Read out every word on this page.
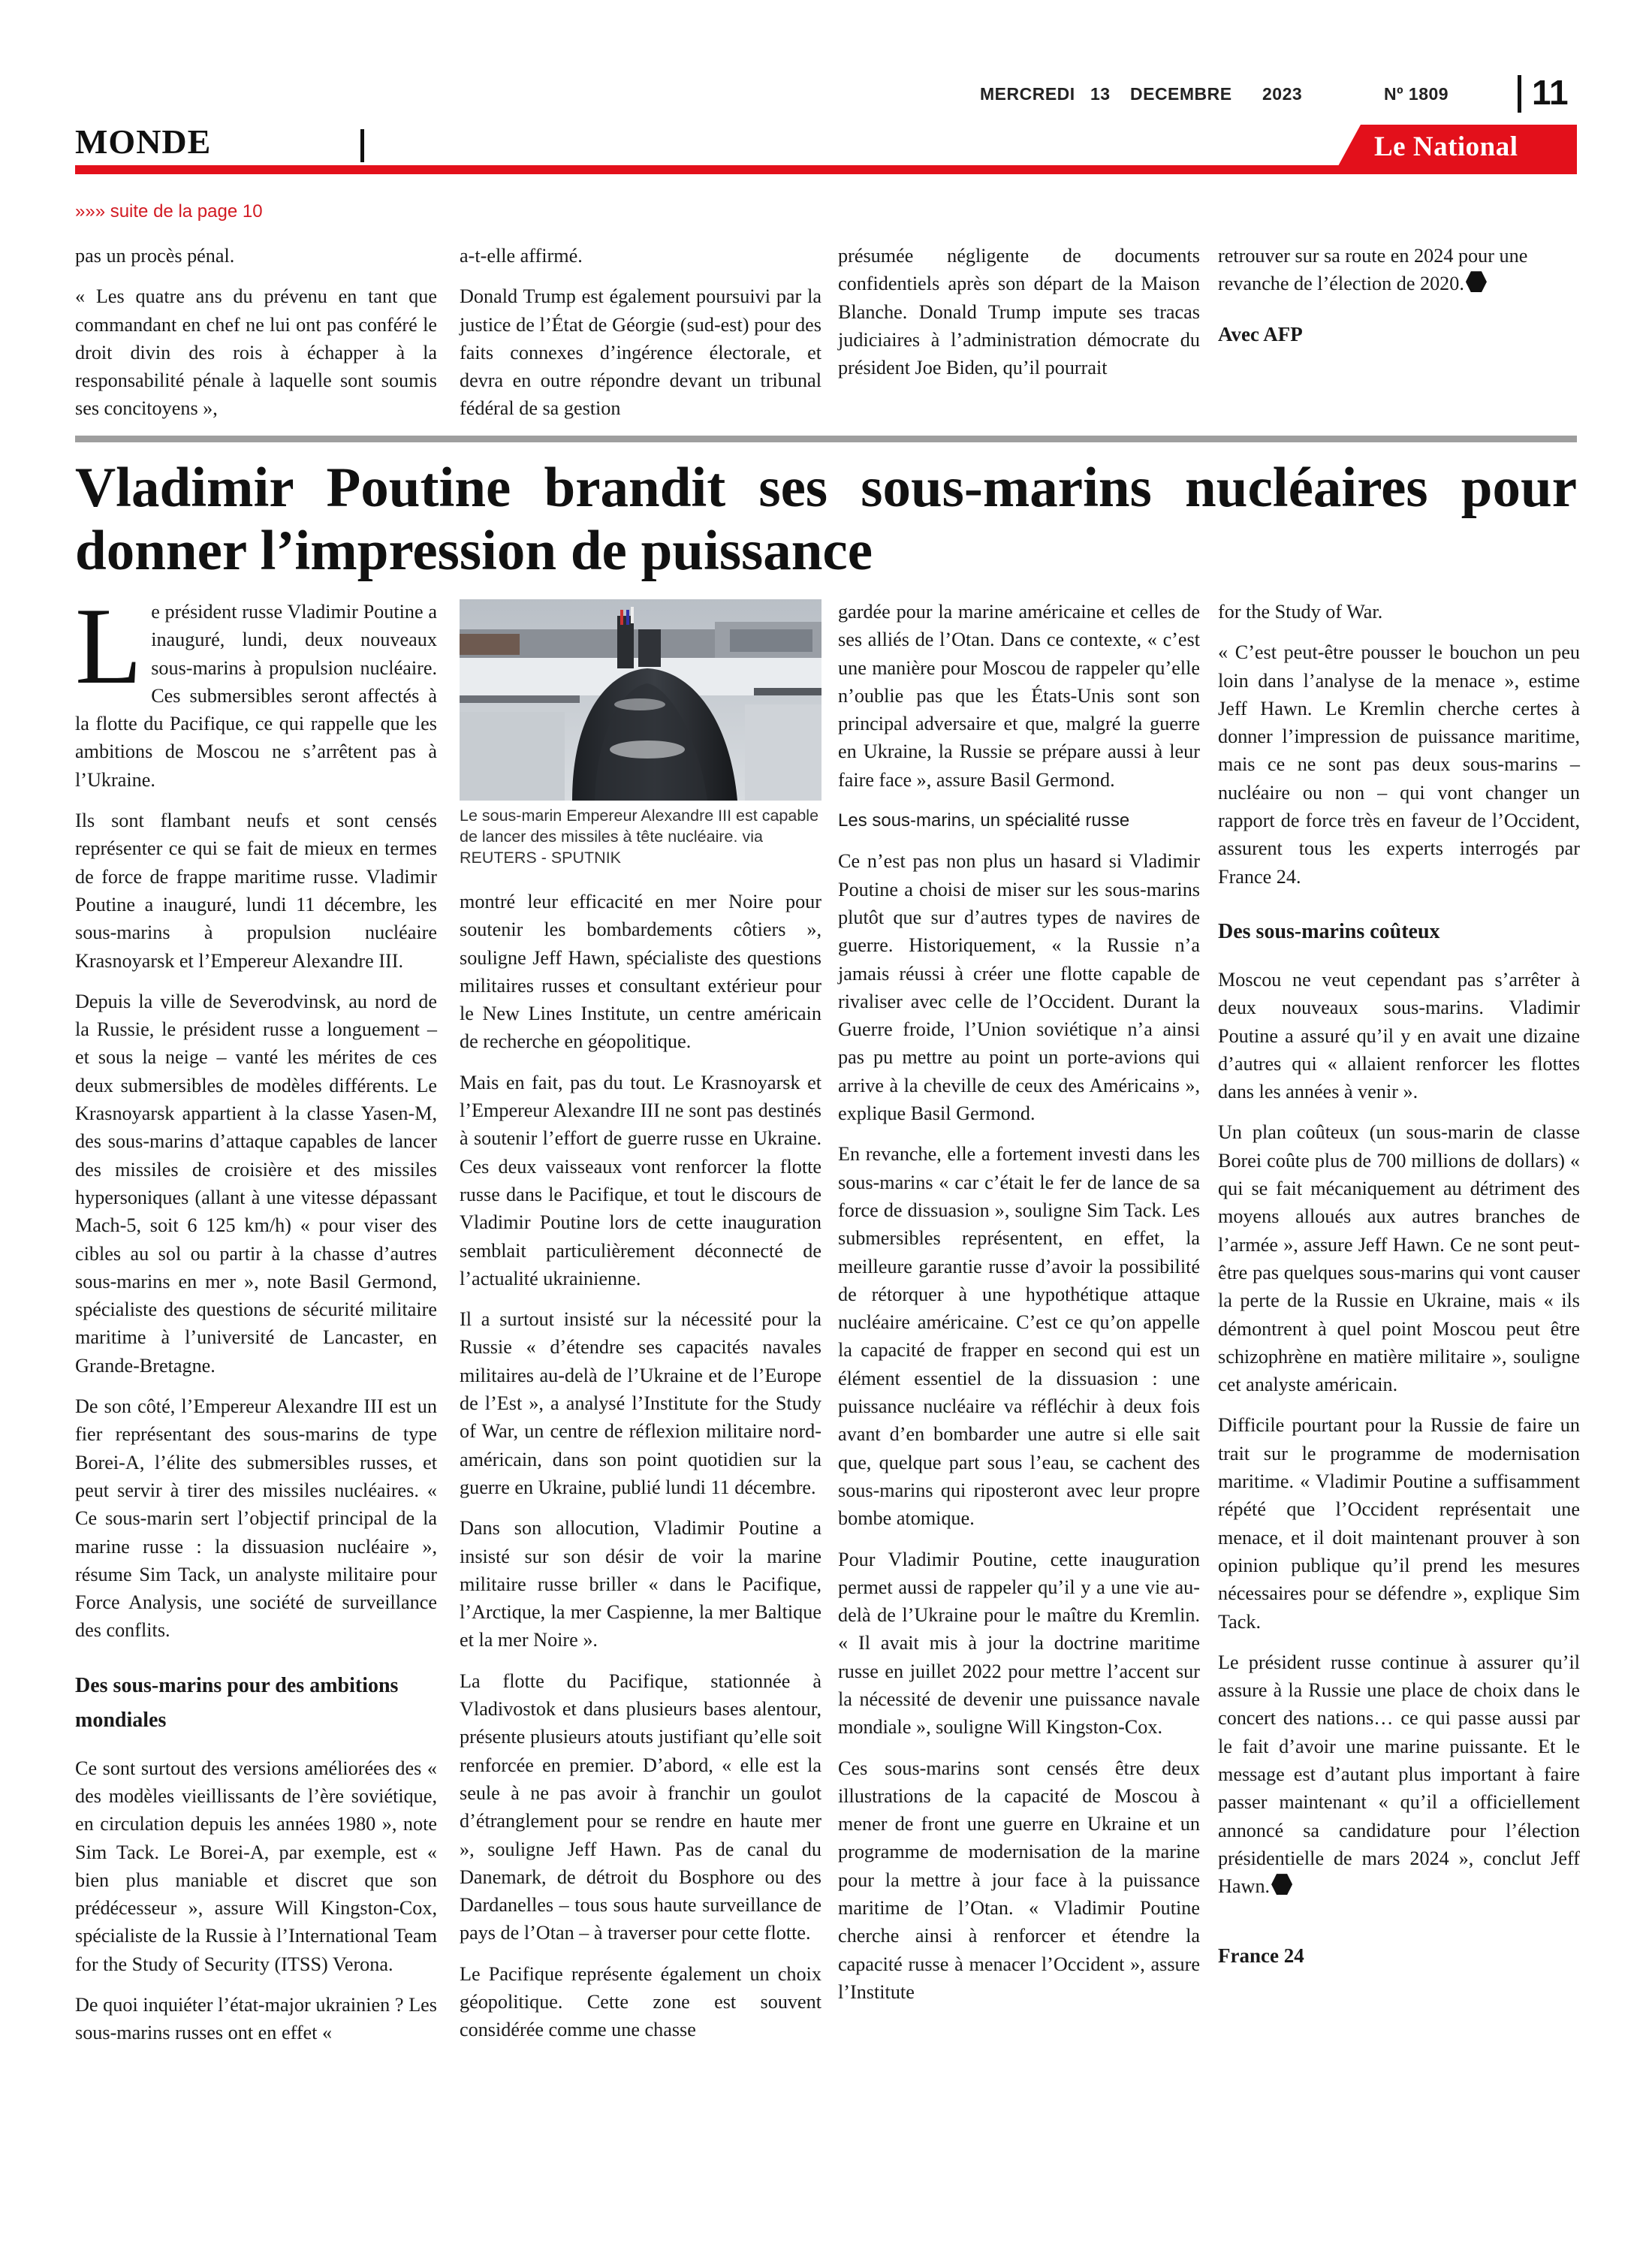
MERCREDI 13 DECEMBRE 2023	Nº 1809 11
MONDE	Le National
»»» suite de la page 10

pas un procès pénal.

« Les quatre ans du prévenu en tant que commandant en chef ne lui ont pas conféré le droit divin des rois à échapper à la responsabilité pénale à laquelle sont soumis ses concitoyens »,

a-t-elle affirmé.

Donald Trump est également poursuivi par la justice de l’État de Géorgie (sud-est) pour des faits connexes d’ingérence électorale, et devra en outre répondre devant un tribunal fédéral de sa gestion

présumée négligente de documents confidentiels après son départ de la Maison Blanche. Donald Trump impute ses tracas judiciaires à l’administration démocrate du président Joe Biden, qu’il pourrait

retrouver sur sa route en 2024 pour une revanche de l’élection de 2020.

Avec AFP

Vladimir Poutine brandit ses sous-marins nucléaires pour donner l’impression de puissance

Le président russe Vladimir Poutine a inauguré, lundi, deux nouveaux sous-marins à propulsion nucléaire. Ces submersibles seront affectés à la flotte du Pacifique, ce qui rappelle que les ambitions de Moscou ne s’arrêtent pas à l’Ukraine.

Ils sont flambant neufs et sont censés représenter ce qui se fait de mieux en termes de force de frappe maritime russe. Vladimir Poutine a inauguré, lundi 11 décembre, les sous-marins à propulsion nucléaire Krasnoyarsk et l’Empereur Alexandre III.

Depuis la ville de Severodvinsk, au nord de la Russie, le président russe a longuement – et sous la neige – vanté les mérites de ces deux submersibles de modèles différents. Le Krasnoyarsk appartient à la classe Yasen-M, des sous-marins d’attaque capables de lancer des missiles de croisière et des missiles hypersoniques (allant à une vitesse dépassant Mach-5, soit 6 125 km/h) « pour viser des cibles au sol ou partir à la chasse d’autres sous-marins en mer », note Basil Germond, spécialiste des questions de sécurité militaire maritime à l’université de Lancaster, en Grande-Bretagne.

De son côté, l’Empereur Alexandre III est un fier représentant des sous-marins de type Borei-A, l’élite des submersibles russes, et peut servir à tirer des missiles nucléaires. « Ce sous-marin sert l’objectif principal de la marine russe : la dissuasion nucléaire », résume Sim Tack, un analyste militaire pour Force Analysis, une société de surveillance des conflits.

Des sous-marins pour des ambitions mondiales

Ce sont surtout des versions améliorées des « des modèles vieillissants de l’ère soviétique, en circulation depuis les années 1980 », note Sim Tack. Le Borei-A, par exemple, est « bien plus maniable et discret que son prédécesseur », assure Will Kingston-Cox, spécialiste de la Russie à l’International Team for the Study of Security (ITSS) Verona.

De quoi inquiéter l’état-major ukrainien ? Les sous-marins russes ont en effet «

Le sous-marin Empereur Alexandre III est capable de lancer des missiles à tête nucléaire. via REUTERS - SPUTNIK

montré leur efficacité en mer Noire pour soutenir les bombardements côtiers », souligne Jeff Hawn, spécialiste des questions militaires russes et consultant extérieur pour le New Lines Institute, un centre américain de recherche en géopolitique.

Mais en fait, pas du tout. Le Krasnoyarsk et l’Empereur Alexandre III ne sont pas destinés à soutenir l’effort de guerre russe en Ukraine. Ces deux vaisseaux vont renforcer la flotte russe dans le Pacifique, et tout le discours de Vladimir Poutine lors de cette inauguration semblait particulièrement déconnecté de l’actualité ukrainienne.

Il a surtout insisté sur la nécessité pour la Russie « d’étendre ses capacités navales militaires au-delà de l’Ukraine et de l’Europe de l’Est », a analysé l’Institute for the Study of War, un centre de réflexion militaire nord-américain, dans son point quotidien sur la guerre en Ukraine, publié lundi 11 décembre.

Dans son allocution, Vladimir Poutine a insisté sur son désir de voir la marine militaire russe briller « dans le Pacifique, l’Arctique, la mer Caspienne, la mer Baltique et la mer Noire ».

La flotte du Pacifique, stationnée à Vladivostok et dans plusieurs bases alentour, présente plusieurs atouts justifiant qu’elle soit renforcée en premier. D’abord, « elle est la seule à ne pas avoir à franchir un goulot d’étranglement pour se rendre en haute mer », souligne Jeff Hawn. Pas de canal du Danemark, de détroit du Bosphore ou des Dardanelles – tous sous haute surveillance de pays de l’Otan – à traverser pour cette flotte.

Le Pacifique représente également un choix géopolitique. Cette zone est souvent considérée comme une chasse

gardée pour la marine américaine et celles de ses alliés de l’Otan. Dans ce contexte, « c’est une manière pour Moscou de rappeler qu’elle n’oublie pas que les États-Unis sont son principal adversaire et que, malgré la guerre en Ukraine, la Russie se prépare aussi à leur faire face », assure Basil Germond.

Les sous-marins, un spécialité russe

Ce n’est pas non plus un hasard si Vladimir Poutine a choisi de miser sur les sous-marins plutôt que sur d’autres types de navires de guerre. Historiquement, « la Russie n’a jamais réussi à créer une flotte capable de rivaliser avec celle de l’Occident. Durant la Guerre froide, l’Union soviétique n’a ainsi pas pu mettre au point un porte-avions qui arrive à la cheville de ceux des Américains », explique Basil Germond.

En revanche, elle a fortement investi dans les sous-marins « car c’était le fer de lance de sa force de dissuasion », souligne Sim Tack. Les submersibles représentent, en effet, la meilleure garantie russe d’avoir la possibilité de rétorquer à une hypothétique attaque nucléaire américaine. C’est ce qu’on appelle la capacité de frapper en second qui est un élément essentiel de la dissuasion : une puissance nucléaire va réfléchir à deux fois avant d’en bombarder une autre si elle sait que, quelque part sous l’eau, se cachent des sous-marins qui riposteront avec leur propre bombe atomique.

Pour Vladimir Poutine, cette inauguration permet aussi de rappeler qu’il y a une vie au-delà de l’Ukraine pour le maître du Kremlin. « Il avait mis à jour la doctrine maritime russe en juillet 2022 pour mettre l’accent sur la nécessité de devenir une puissance navale mondiale », souligne Will Kingston-Cox.

Ces sous-marins sont censés être deux illustrations de la capacité de Moscou à mener de front une guerre en Ukraine et un programme de modernisation de la marine pour la mettre à jour face à la puissance maritime de l’Otan. « Vladimir Poutine cherche ainsi à renforcer et étendre la capacité russe à menacer l’Occident », assure l’Institute

for the Study of War.

« C’est peut-être pousser le bouchon un peu loin dans l’analyse de la menace », estime Jeff Hawn. Le Kremlin cherche certes à donner l’impression de puissance maritime, mais ce ne sont pas deux sous-marins – nucléaire ou non – qui vont changer un rapport de force très en faveur de l’Occident, assurent tous les experts interrogés par France 24.

Des sous-marins coûteux

Moscou ne veut cependant pas s’arrêter à deux nouveaux sous-marins. Vladimir Poutine a assuré qu’il y en avait une dizaine d’autres qui « allaient renforcer les flottes dans les années à venir ».

Un plan coûteux (un sous-marin de classe Borei coûte plus de 700 millions de dollars) « qui se fait mécaniquement au détriment des moyens alloués aux autres branches de l’armée », assure Jeff Hawn. Ce ne sont peut-être pas quelques sous-marins qui vont causer la perte de la Russie en Ukraine, mais « ils démontrent à quel point Moscou peut être schizophrène en matière militaire », souligne cet analyste américain.

Difficile pourtant pour la Russie de faire un trait sur le programme de modernisation maritime. « Vladimir Poutine a suffisamment répété que l’Occident représentait une menace, et il doit maintenant prouver à son opinion publique qu’il prend les mesures nécessaires pour se défendre », explique Sim Tack.

Le président russe continue à assurer qu’il assure à la Russie une place de choix dans le concert des nations… ce qui passe aussi par le fait d’avoir une marine puissante. Et le message est d’autant plus important à faire passer maintenant « qu’il a officiellement annoncé sa candidature pour l’élection présidentielle de mars 2024 », conclut Jeff Hawn.

France 24
